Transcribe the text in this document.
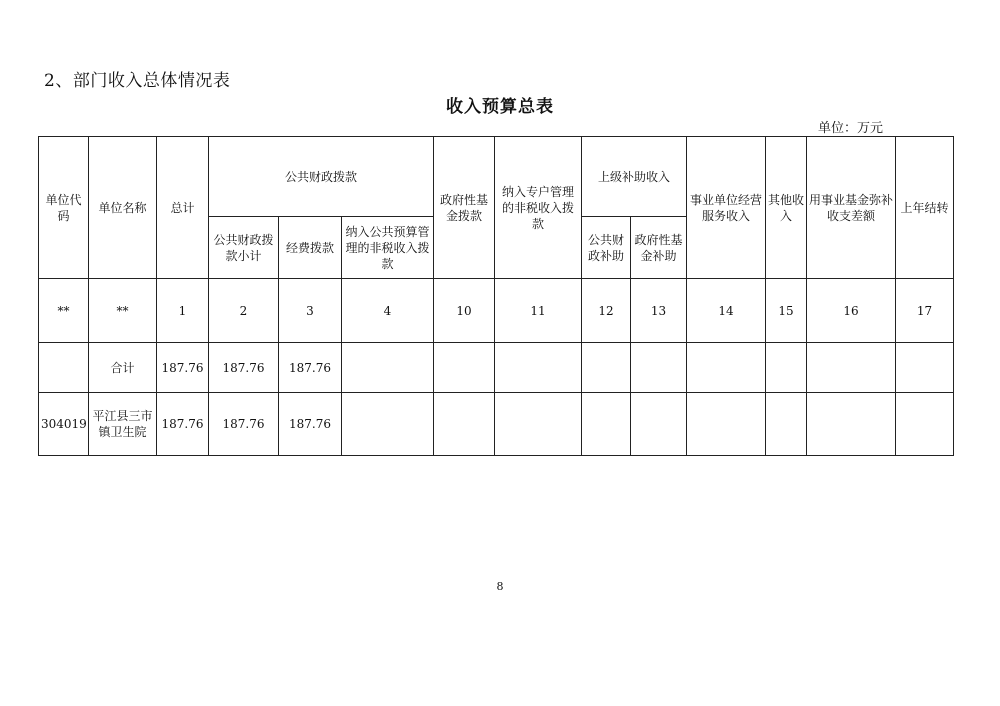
2、部门收入总体情况表
收入预算总表
单位：万元
单位代码	单位名称	总计	公共财政拨款			政府性基金拨款	纳入专户管理的非税收入拨款	上级补助收入		事业单位经营服务收入	其他收入	用事业基金弥补收支差额	上年结转
			公共财政拨款小计	经费拨款	纳入公共预算管理的非税收入拨款			公共财政补助	政府性基金补助				
**	**	1	2	3	4	10	11	12	13	14	15	16	17
	合计	187.76	187.76	187.76									
304019	平江县三市镇卫生院	187.76	187.76	187.76									
8
